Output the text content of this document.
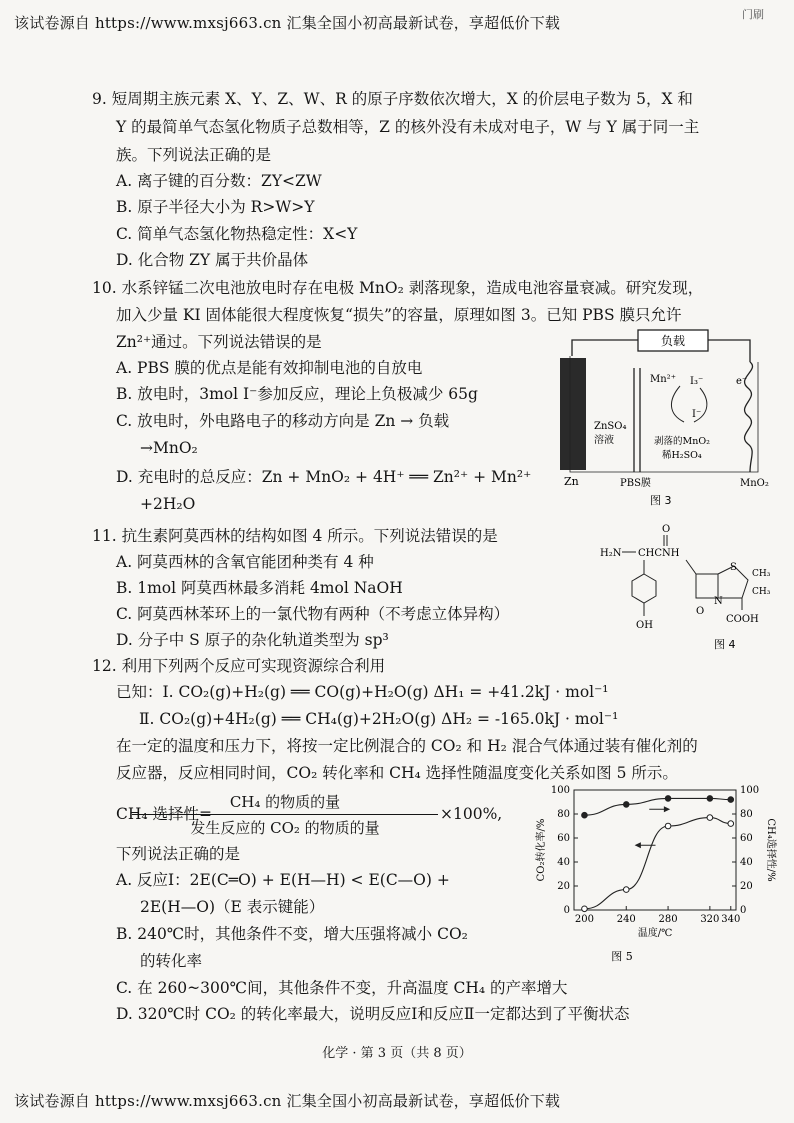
该试卷源自 https://www.mxsj663.cn 汇集全国小初高最新试卷，享超低价下载	门刷
9. 短周期主族元素 X、Y、Z、W、R 的原子序数依次增大，X 的价层电子数为 5，X 和
Y 的最简单气态氢化物质子总数相等，Z 的核外没有未成对电子，W 与 Y 属于同一主
族。下列说法正确的是
A. 离子键的百分数：ZY<ZW
B. 原子半径大小为 R>W>Y
C. 简单气态氢化物热稳定性：X<Y
D. 化合物 ZY 属于共价晶体
10. 水系锌锰二次电池放电时存在电极 MnO₂ 剥落现象，造成电池容量衰减。研究发现，
加入少量 KI 固体能很大程度恢复“损失”的容量，原理如图 3。已知 PBS 膜只允许
Zn²⁺通过。下列说法错误的是
A. PBS 膜的优点是能有效抑制电池的自放电
B. 放电时，3mol I⁻参加反应，理论上负极减少 65g
C. 放电时，外电路电子的移动方向是 Zn → 负载
→MnO₂
D. 充电时的总反应：Zn + MnO₂ + 4H⁺ ══ Zn²⁺ + Mn²⁺
+2H₂O
负载
Zn	PBS膜
ZnSO₄
溶液
MnO₂
e⁻
Mn²⁺ I₃⁻
I⁻
剥落的MnO₂
稀H₂SO₄
图 3
11. 抗生素阿莫西林的结构如图 4 所示。下列说法错误的是
A. 阿莫西林的含氧官能团种类有 4 种
B. 1mol 阿莫西林最多消耗 4mol NaOH
C. 阿莫西林苯环上的一氯代物有两种（不考虑立体异构）
D. 分子中 S 原子的杂化轨道类型为 sp³
O
H₂N CHCNH
OH
O
S
N
CH₃
CH₃
COOH
图 4
12. 利用下列两个反应可实现资源综合利用
已知：Ⅰ. CO₂(g)+H₂(g) ══ CO(g)+H₂O(g) ΔH₁ = +41.2kJ · mol⁻¹
Ⅱ. CO₂(g)+4H₂(g) ══ CH₄(g)+2H₂O(g) ΔH₂ = -165.0kJ · mol⁻¹
在一定的温度和压力下，将按一定比例混合的 CO₂ 和 H₂ 混合气体通过装有催化剂的
反应器，反应相同时间，CO₂ 转化率和 CH₄ 选择性随温度变化关系如图 5 所示。
CH₄ 选择性=
CH₄ 的物质的量
发生反应的 CO₂ 的物质的量
×100%,
下列说法正确的是
A. 反应Ⅰ：2E(C═O) + E(H—H) < E(C—O) +
2E(H—O)（E 表示键能）
B. 240℃时，其他条件不变，增大压强将减小 CO₂
的转化率
C. 在 260~300℃间，其他条件不变，升高温度 CH₄ 的产率增大
D. 320℃时 CO₂ 的转化率最大，说明反应Ⅰ和反应Ⅱ一定都达到了平衡状态
200 240 280 320 340
0	0
20	20
40	40
60	60
80	80
100	100
温度/℃
CO₂转化率/%	CH₄选择性/%
图 5
化学 · 第 3 页（共 8 页）
该试卷源自 https://www.mxsj663.cn 汇集全国小初高最新试卷，享超低价下载
